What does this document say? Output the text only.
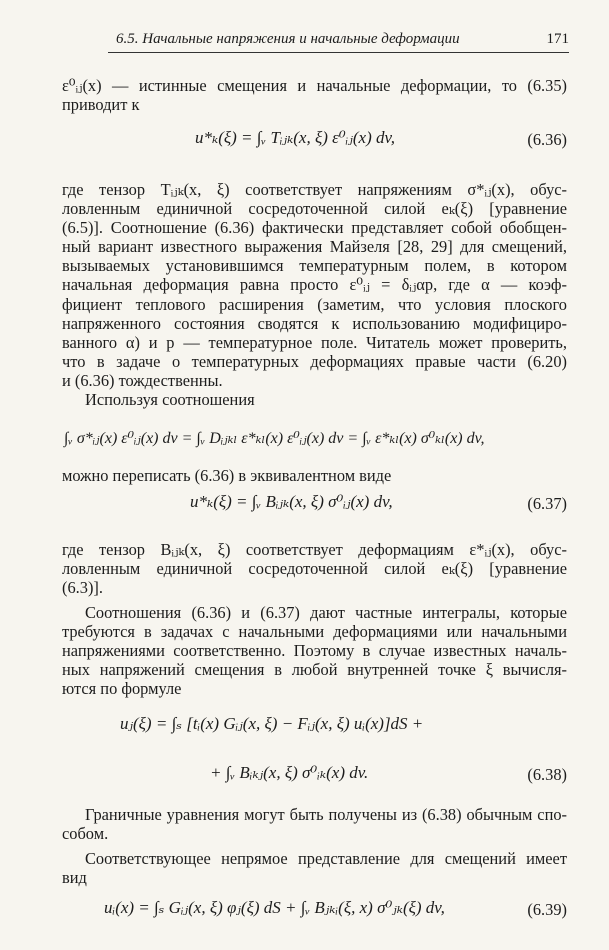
6.5. Начальные напряжения и начальные деформации	171
ε⁰ᵢⱼ(x) — истинные смещения и начальные деформации, то (6.35)
приводит к
u*ₖ(ξ) = ∫ᵥ Tᵢⱼₖ(x, ξ) ε⁰ᵢⱼ(x) dv,	(6.36)
где тензор Tᵢⱼₖ(x, ξ) соответствует напряжениям σ*ᵢⱼ(x), обус-
ловленным единичной сосредоточенной силой eₖ(ξ) [уравнение
(6.5)]. Соотношение (6.36) фактически представляет собой обобщен-
ный вариант известного выражения Майзеля [28, 29] для смещений,
вызываемых установившимся температурным полем, в котором
начальная деформация равна просто ε⁰ᵢⱼ = δᵢⱼαp, где α — коэф-
фициент теплового расширения (заметим, что условия плоского
напряженного состояния сводятся к использованию модифициро-
ванного α) и p — температурное поле. Читатель может проверить,
что в задаче о температурных деформациях правые части (6.20)
и (6.36) тождественны.
Используя соотношения
∫ᵥ σ*ᵢⱼ(x) ε⁰ᵢⱼ(x) dv = ∫ᵥ Dᵢⱼₖₗ ε*ₖₗ(x) ε⁰ᵢⱼ(x) dv = ∫ᵥ ε*ₖₗ(x) σ⁰ₖₗ(x) dv,
можно переписать (6.36) в эквивалентном виде
u*ₖ(ξ) = ∫ᵥ Bᵢⱼₖ(x, ξ) σ⁰ᵢⱼ(x) dv,	(6.37)
где тензор Bᵢⱼₖ(x, ξ) соответствует деформациям ε*ᵢⱼ(x), обус-
ловленным единичной сосредоточенной силой eₖ(ξ) [уравнение
(6.3)].
Соотношения (6.36) и (6.37) дают частные интегралы, которые
требуются в задачах с начальными деформациями или начальными
напряжениями соответственно. Поэтому в случае известных началь-
ных напряжений смещения в любой внутренней точке ξ вычисля-
ются по формуле
uⱼ(ξ) = ∫ₛ [tᵢ(x) Gᵢⱼ(x, ξ) − Fᵢⱼ(x, ξ) uᵢ(x)]dS +
+ ∫ᵥ Bᵢₖⱼ(x, ξ) σ⁰ᵢₖ(x) dv.	(6.38)
Граничные уравнения могут быть получены из (6.38) обычным спо-
собом.
Соответствующее непрямое представление для смещений имеет
вид
uᵢ(x) = ∫ₛ Gᵢⱼ(x, ξ) φⱼ(ξ) dS + ∫ᵥ Bⱼₖᵢ(ξ, x) σ⁰ⱼₖ(ξ) dv,	(6.39)
